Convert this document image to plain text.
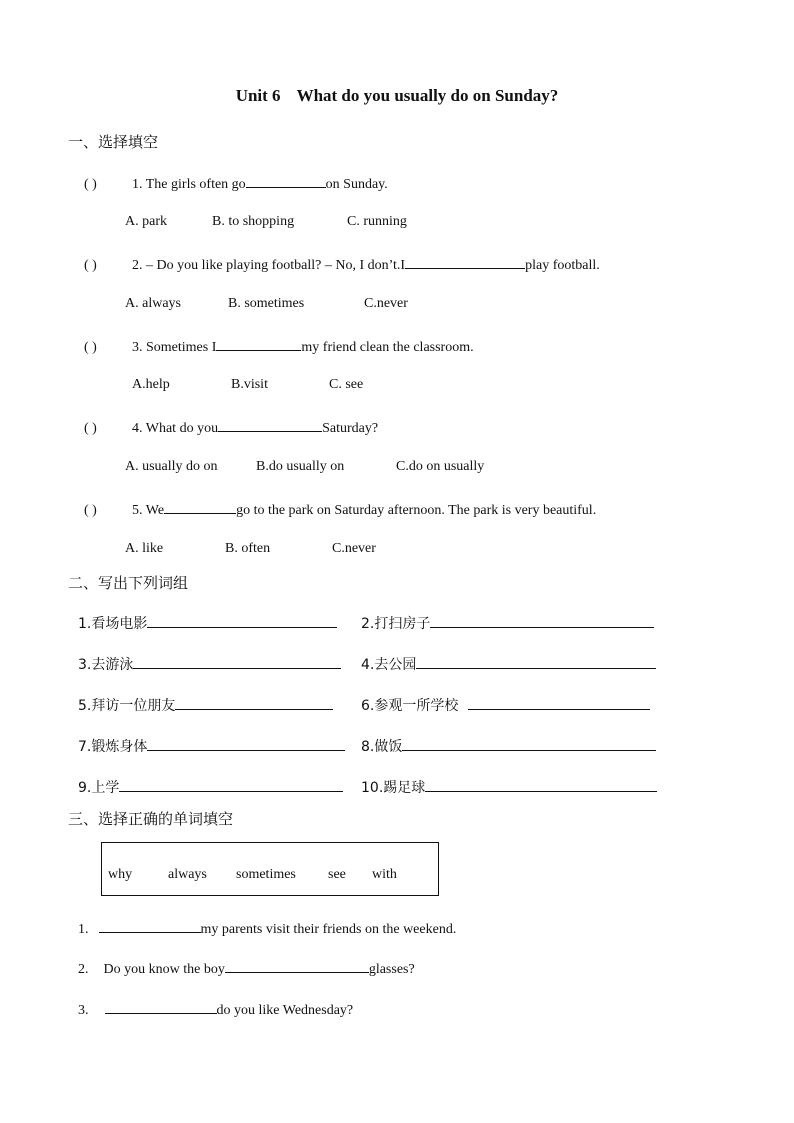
Unit 6 What do you usually do on Sunday?
一、选择填空
( )	1. The girls often go	on Sunday.
A. park	B. to shopping	C. running
( )	2. – Do you like playing football? – No, I don’t.I	play football.
A. always	B. sometimes	C.never
( )	3. Sometimes I	my friend clean the classroom.
A.help	B.visit	C. see
( )	4. What do you	Saturday?
A. usually do on	B.do usually on	C.do on usually
( )	5. We	go to the park on Saturday afternoon. The park is very beautiful.
A. like	B. often	C.never
二、写出下列词组
1.看场电影	2.打扫房子
3.去游泳	4.去公园
5.拜访一位朋友	6.参观一所学校
7.锻炼身体	8.做饭
9.上学	10.踢足球
三、选择正确的单词填空
why	always sometimes see with
1.	my parents visit their friends on the weekend.
2. Do you know the boy	glasses?
3.	do you like Wednesday?
